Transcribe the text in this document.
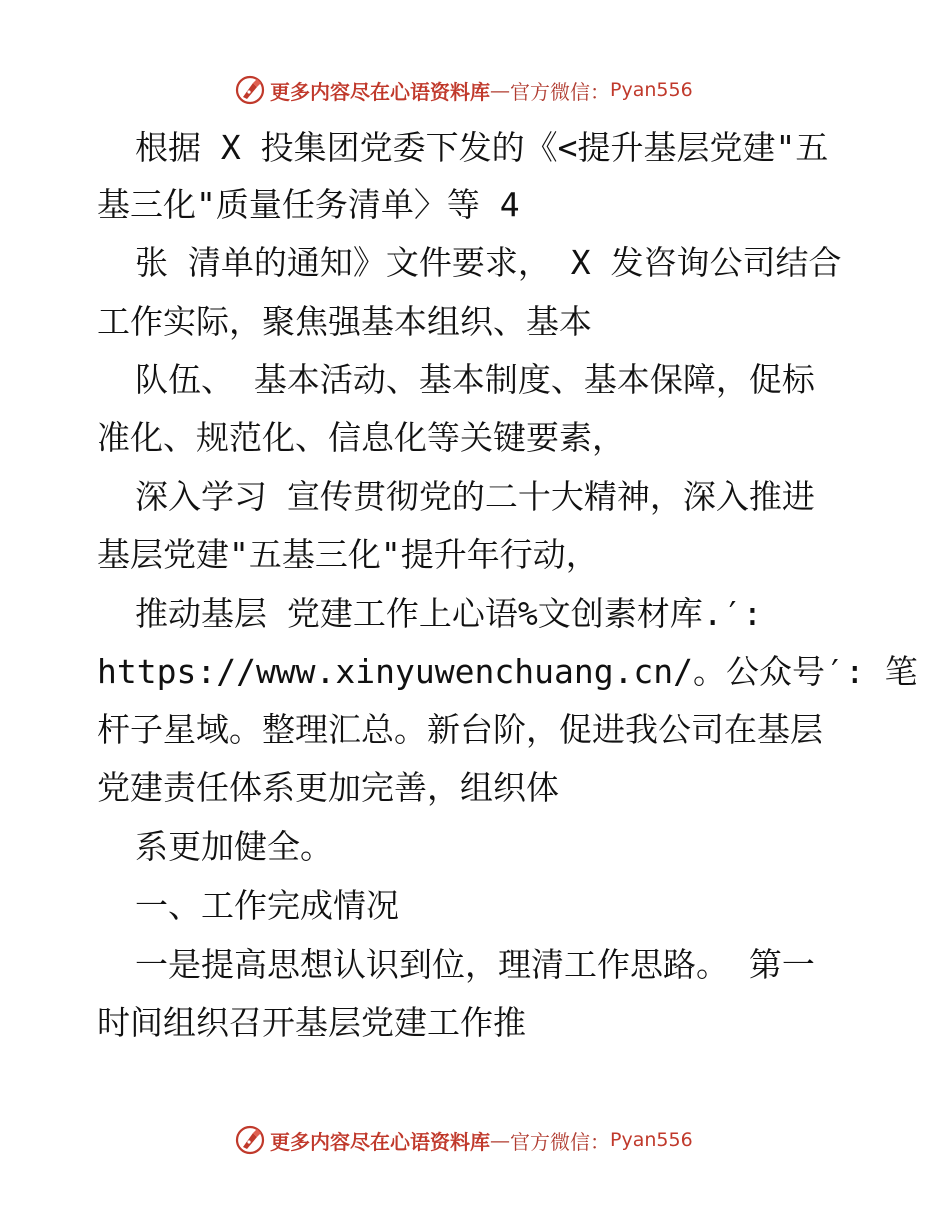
更多内容尽在心语资料库 — 官方微信： Pyan556
根据 X 投集团党委下发的《<提升基层党建"五
基三化"质量任务清单〉等 4
张 清单的通知》文件要求， X 发咨询公司结合
工作实际，聚焦强基本组织、基本
队伍、 基本活动、基本制度、基本保障，促标
准化、规范化、信息化等关键要素，
深入学习 宣传贯彻党的二十大精神，深入推进
基层党建"五基三化"提升年行动，
推动基层 党建工作上心语%文创素材库.′:
https://www.xinyuwenchuang.cn/。公众号′: 笔
杆子星域。整理汇总。新台阶，促进我公司在基层
党建责任体系更加完善，组织体
系更加健全。
一、工作完成情况
一是提高思想认识到位，理清工作思路。 第一
时间组织召开基层党建工作推
更多内容尽在心语资料库 — 官方微信： Pyan556
